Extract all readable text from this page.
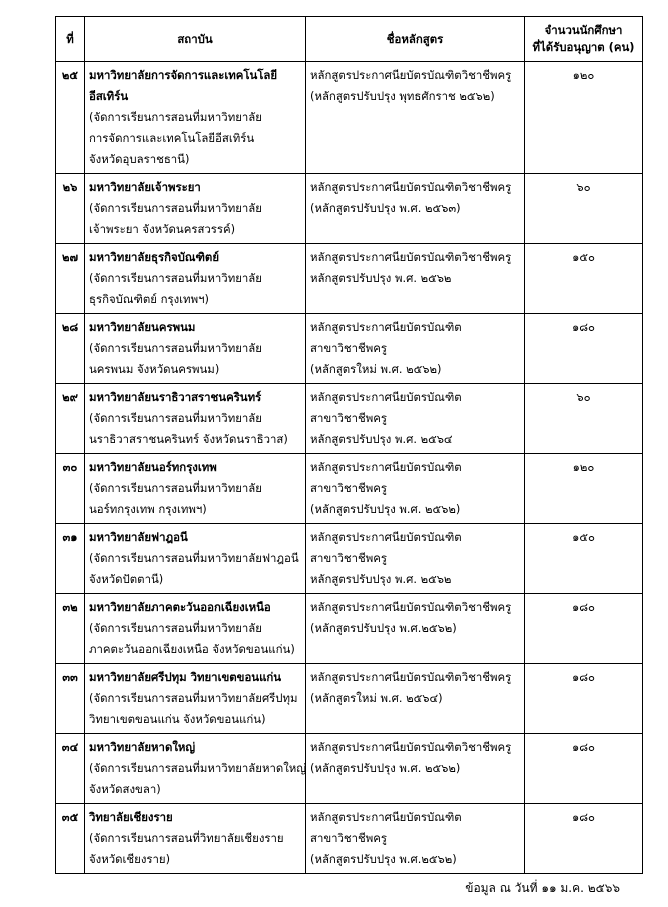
ที่	สถาบัน	ชื่อหลักสูตร	จำนวนนักศึกษา
ที่ได้รับอนุญาต (คน)

๒๕	มหาวิทยาลัยการจัดการและเทคโนโลยี
อีสเทิร์น
(จัดการเรียนการสอนที่มหาวิทยาลัย
การจัดการและเทคโนโลยีอีสเทิร์น
จังหวัดอุบลราชธานี)	หลักสูตรประกาศนียบัตรบัณฑิตวิชาชีพครู
(หลักสูตรปรับปรุง พุทธศักราช ๒๕๖๒)	๑๒๐
๒๖	มหาวิทยาลัยเจ้าพระยา
(จัดการเรียนการสอนที่มหาวิทยาลัย
เจ้าพระยา จังหวัดนครสวรรค์)	หลักสูตรประกาศนียบัตรบัณฑิตวิชาชีพครู
(หลักสูตรปรับปรุง พ.ศ. ๒๕๖๓)	๖๐
๒๗	มหาวิทยาลัยธุรกิจบัณฑิตย์
(จัดการเรียนการสอนที่มหาวิทยาลัย
ธุรกิจบัณฑิตย์ กรุงเทพฯ)	หลักสูตรประกาศนียบัตรบัณฑิตวิชาชีพครู
หลักสูตรปรับปรุง พ.ศ. ๒๕๖๒	๑๕๐
๒๘	มหาวิทยาลัยนครพนม
(จัดการเรียนการสอนที่มหาวิทยาลัย
นครพนม จังหวัดนครพนม)	หลักสูตรประกาศนียบัตรบัณฑิต
สาขาวิชาชีพครู
(หลักสูตรใหม่ พ.ศ. ๒๕๖๒)	๑๘๐
๒๙	มหาวิทยาลัยนราธิวาสราชนครินทร์
(จัดการเรียนการสอนที่มหาวิทยาลัย
นราธิวาสราชนครินทร์ จังหวัดนราธิวาส)	หลักสูตรประกาศนียบัตรบัณฑิต
สาขาวิชาชีพครู
หลักสูตรปรับปรุง พ.ศ. ๒๕๖๔	๖๐
๓๐	มหาวิทยาลัยนอร์ทกรุงเทพ
(จัดการเรียนการสอนที่มหาวิทยาลัย
นอร์ทกรุงเทพ กรุงเทพฯ)	หลักสูตรประกาศนียบัตรบัณฑิต
สาขาวิชาชีพครู
(หลักสูตรปรับปรุง พ.ศ. ๒๕๖๒)	๑๒๐
๓๑	มหาวิทยาลัยฟาฎอนี
(จัดการเรียนการสอนที่มหาวิทยาลัยฟาฎอนี
จังหวัดปัตตานี)	หลักสูตรประกาศนียบัตรบัณฑิต
สาขาวิชาชีพครู
หลักสูตรปรับปรุง พ.ศ. ๒๕๖๒	๑๕๐
๓๒	มหาวิทยาลัยภาคตะวันออกเฉียงเหนือ
(จัดการเรียนการสอนที่มหาวิทยาลัย
ภาคตะวันออกเฉียงเหนือ จังหวัดขอนแก่น)	หลักสูตรประกาศนียบัตรบัณฑิตวิชาชีพครู
(หลักสูตรปรับปรุง พ.ศ.๒๕๖๒)	๑๘๐
๓๓	มหาวิทยาลัยศรีปทุม วิทยาเขตขอนแก่น
(จัดการเรียนการสอนที่มหาวิทยาลัยศรีปทุม
วิทยาเขตขอนแก่น จังหวัดขอนแก่น)	หลักสูตรประกาศนียบัตรบัณฑิตวิชาชีพครู
(หลักสูตรใหม่ พ.ศ. ๒๕๖๔)	๑๘๐
๓๔	มหาวิทยาลัยหาดใหญ่
(จัดการเรียนการสอนที่มหาวิทยาลัยหาดใหญ่
จังหวัดสงขลา)	หลักสูตรประกาศนียบัตรบัณฑิตวิชาชีพครู
(หลักสูตรปรับปรุง พ.ศ. ๒๕๖๒)	๑๘๐
๓๕	วิทยาลัยเชียงราย
(จัดการเรียนการสอนที่วิทยาลัยเชียงราย
จังหวัดเชียงราย)	หลักสูตรประกาศนียบัตรบัณฑิต
สาขาวิชาชีพครู
(หลักสูตรปรับปรุง พ.ศ.๒๕๖๒)	๑๘๐
ข้อมูล ณ วันที่ ๑๑ ม.ค. ๒๕๖๖
